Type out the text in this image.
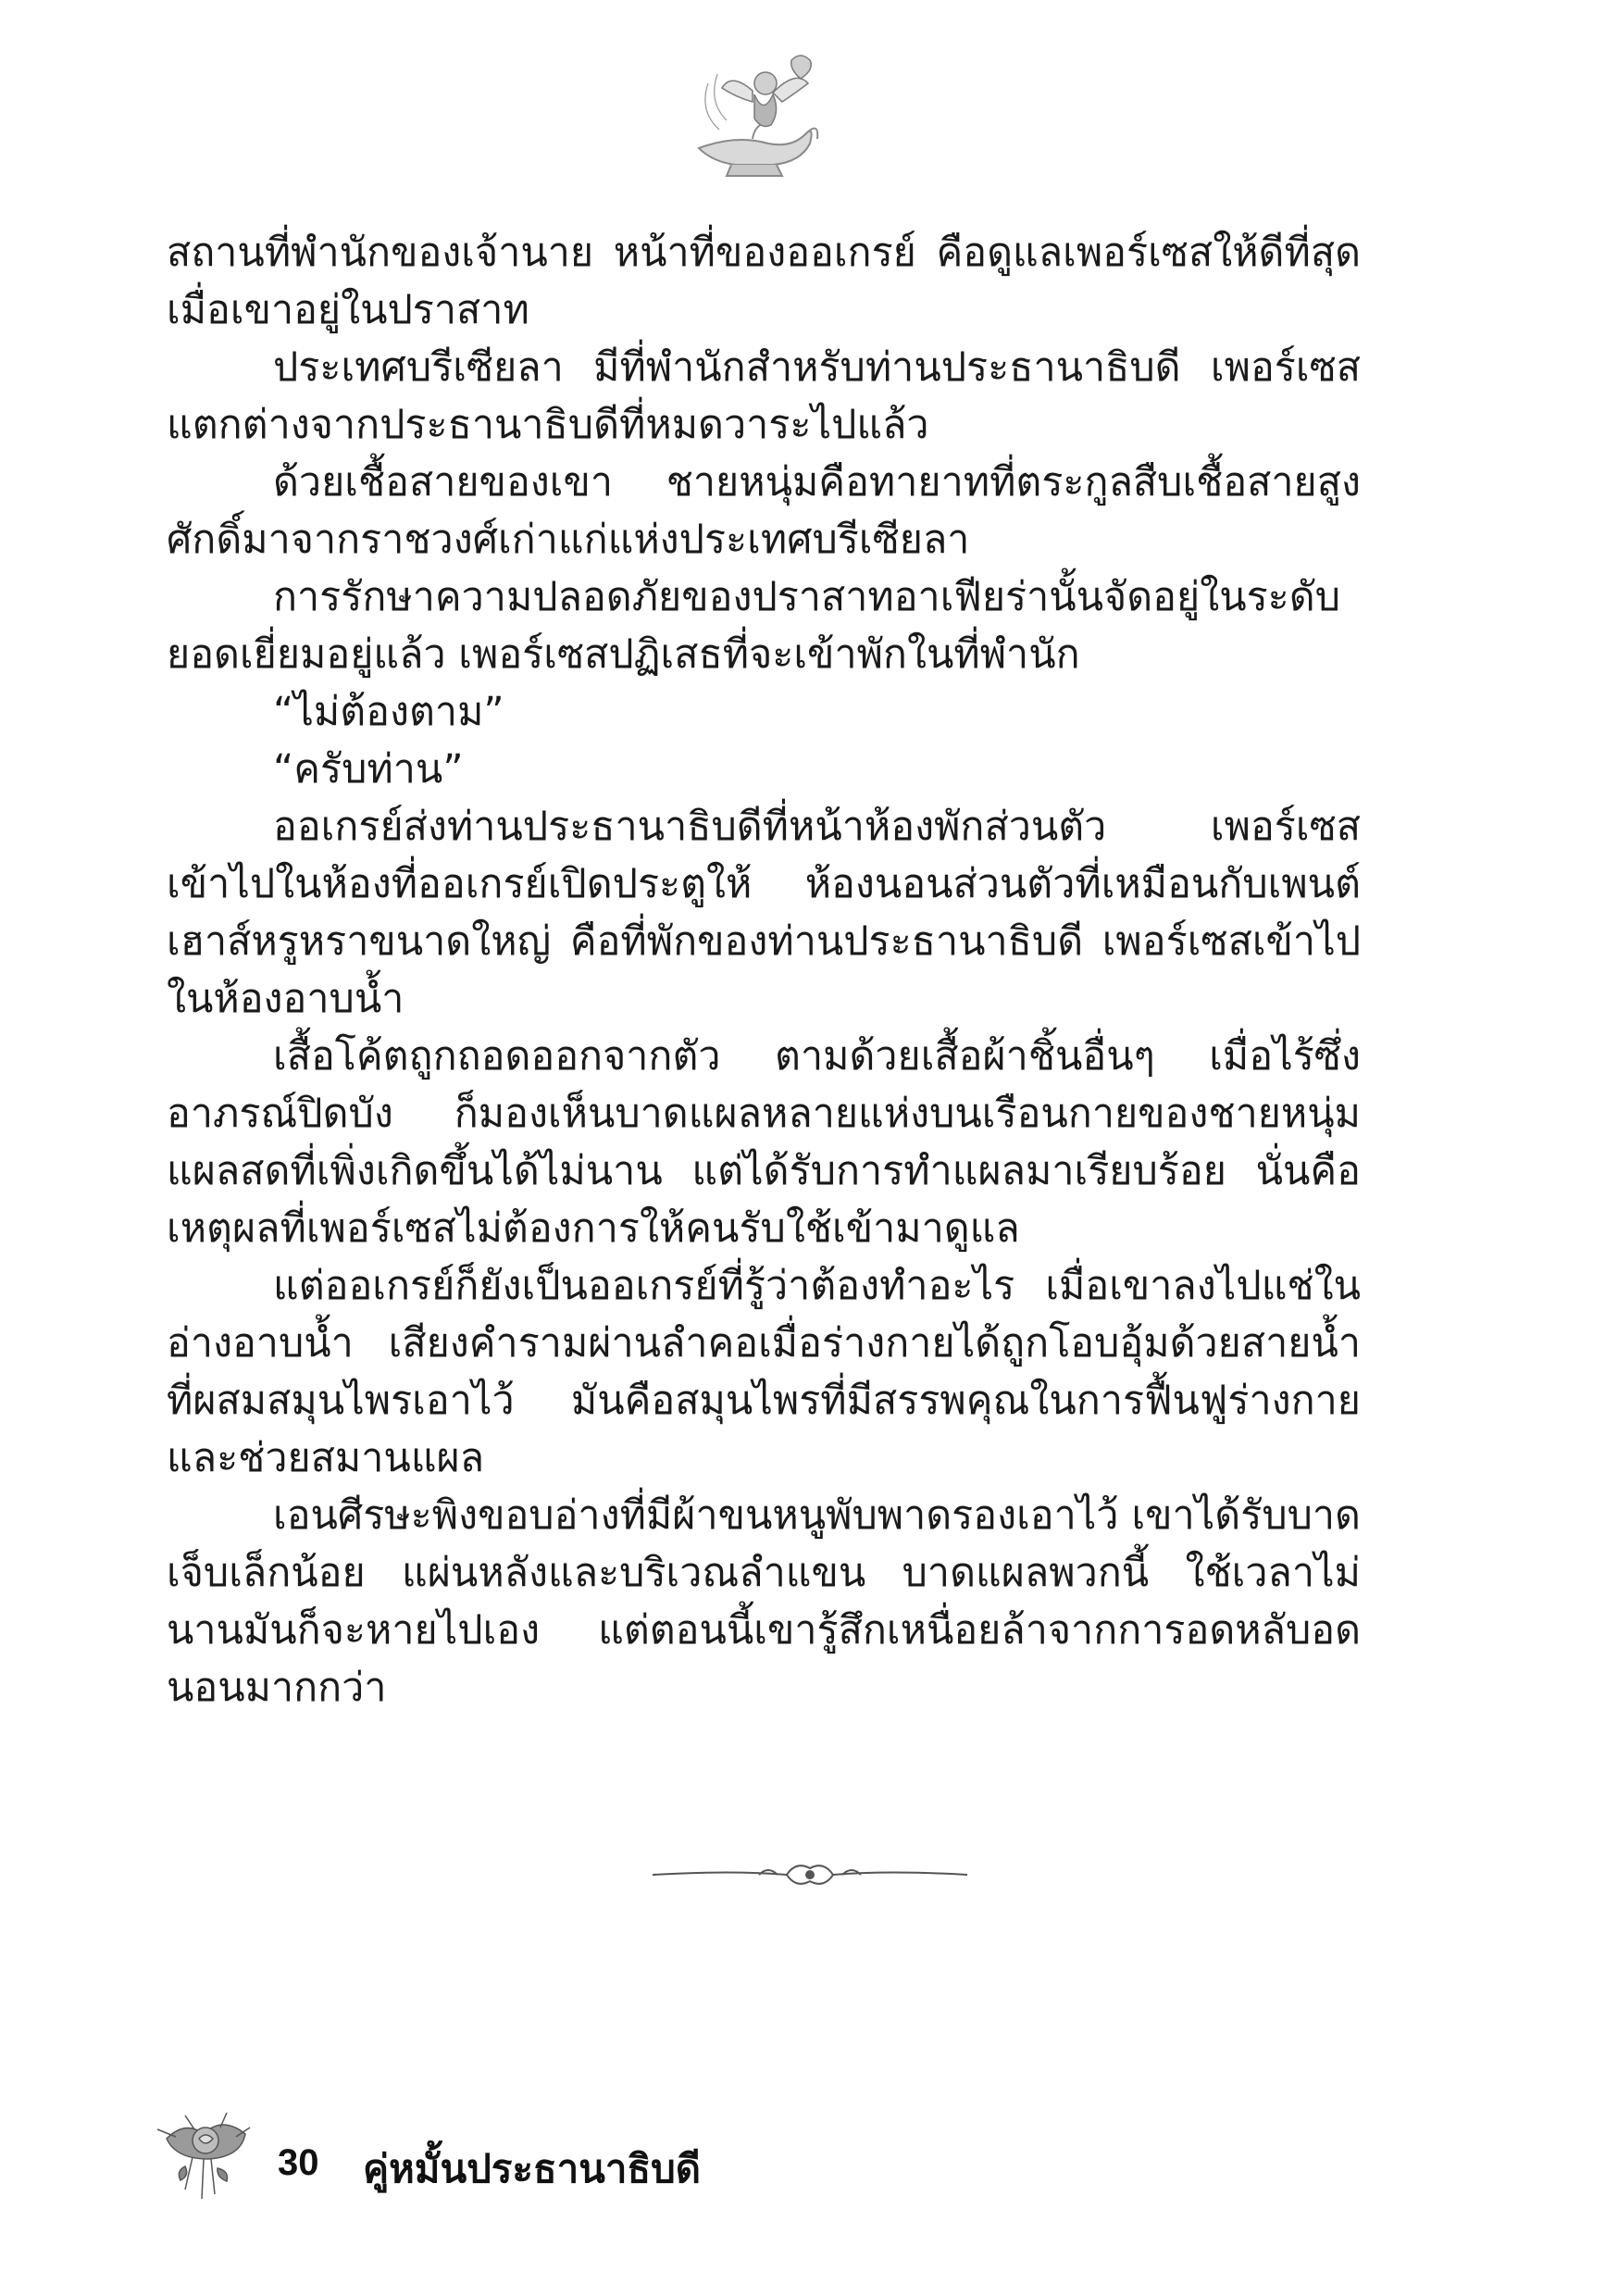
สถานที่พำนักของเจ้านาย หน้าที่ของออเกรย์ คือดูแลเพอร์เซสให้ดีที่สุดเมื่อเขาอยู่ในปราสาท

ประเทศบรีเซียลา มีที่พำนักสำหรับท่านประธานาธิบดี เพอร์เซสแตกต่างจากประธานาธิบดีที่หมดวาระไปแล้ว

ด้วยเชื้อสายของเขา ชายหนุ่มคือทายาทที่ตระกูลสืบเชื้อสายสูงศักดิ์มาจากราชวงศ์เก่าแก่แห่งประเทศบรีเซียลา

การรักษาความปลอดภัยของปราสาทอาเฟียร่านั้นจัดอยู่ในระดับยอดเยี่ยมอยู่แล้ว เพอร์เซสปฏิเสธที่จะเข้าพักในที่พำนัก

“ไม่ต้องตาม”

“ครับท่าน”

ออเกรย์ส่งท่านประธานาธิบดีที่หน้าห้องพักส่วนตัว เพอร์เซสเข้าไปในห้องที่ออเกรย์เปิดประตูให้ ห้องนอนส่วนตัวที่เหมือนกับเพนต์เฮาส์หรูหราขนาดใหญ่ คือที่พักของท่านประธานาธิบดี เพอร์เซสเข้าไปในห้องอาบน้ำ

เสื้อโค้ตถูกถอดออกจากตัว ตามด้วยเสื้อผ้าชิ้นอื่นๆ เมื่อไร้ซึ่งอาภรณ์ปิดบัง ก็มองเห็นบาดแผลหลายแห่งบนเรือนกายของชายหนุ่ม แผลสดที่เพิ่งเกิดขึ้นได้ไม่นาน แต่ได้รับการทำแผลมาเรียบร้อย นั่นคือเหตุผลที่เพอร์เซสไม่ต้องการให้คนรับใช้เข้ามาดูแล

แต่ออเกรย์ก็ยังเป็นออเกรย์ที่รู้ว่าต้องทำอะไร เมื่อเขาลงไปแช่ในอ่างอาบน้ำ เสียงคำรามผ่านลำคอเมื่อร่างกายได้ถูกโอบอุ้มด้วยสายน้ำที่ผสมสมุนไพรเอาไว้ มันคือสมุนไพรที่มีสรรพคุณในการฟื้นฟูร่างกายและช่วยสมานแผล

เอนศีรษะพิงขอบอ่างที่มีผ้าขนหนูพับพาดรองเอาไว้ เขาได้รับบาดเจ็บเล็กน้อย แผ่นหลังและบริเวณลำแขน บาดแผลพวกนี้ ใช้เวลาไม่นานมันก็จะหายไปเอง แต่ตอนนี้เขารู้สึกเหนื่อยล้าจากการอดหลับอดนอนมากกว่า

30 คู่หมั้นประธานาธิบดี
